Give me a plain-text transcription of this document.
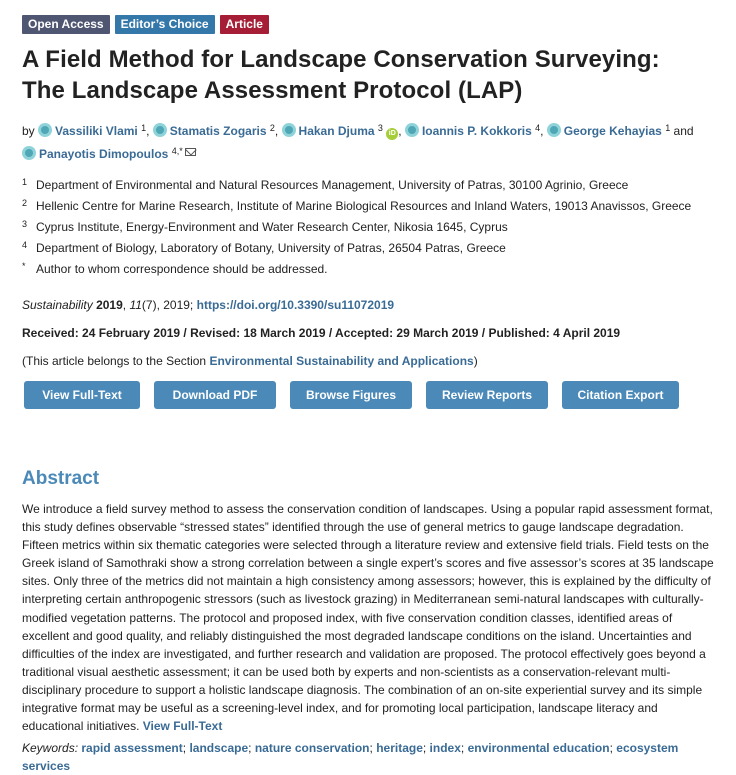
Open Access	Editor’s Choice	Article
A Field Method for Landscape Conservation Surveying:
The Landscape Assessment Protocol (LAP)
by Vassiliki Vlami $^1$, Stamatis Zogaris $^2$, Hakan Djuma $^3$ iD , Ioannis P. Kokkoris $^4$, George Kehayias $^1$ and
Panayotis Dimopoulos $^{4,*}$
1 Department of Environmental and Natural Resources Management, University of Patras, 30100 Agrinio, Greece
2 Hellenic Centre for Marine Research, Institute of Marine Biological Resources and Inland Waters, 19013 Anavissos, Greece
3 Cyprus Institute, Energy-Environment and Water Research Center, Nikosia 1645, Cyprus
4 Department of Biology, Laboratory of Botany, University of Patras, 26504 Patras, Greece
* Author to whom correspondence should be addressed.
Sustainability 2019, 11(7), 2019; https://doi.org/10.3390/su11072019
Received: 24 February 2019 / Revised: 18 March 2019 / Accepted: 29 March 2019 / Published: 4 April 2019
(This article belongs to the Section Environmental Sustainability and Applications)
View Full-Text	Download PDF	Browse Figures	Review Reports	Citation Export
Abstract
We introduce a field survey method to assess the conservation condition of landscapes. Using a popular rapid assessment format, this study defines observable “stressed states” identified through the use of general metrics to gauge landscape degradation. Fifteen metrics within six thematic categories were selected through a literature review and extensive field trials. Field tests on the Greek island of Samothraki show a strong correlation between a single expert’s scores and five assessor’s scores at 35 landscape sites. Only three of the metrics did not maintain a high consistency among assessors; however, this is explained by the difficulty of interpreting certain anthropogenic stressors (such as livestock grazing) in Mediterranean semi-natural landscapes with culturally-modified vegetation patterns. The protocol and proposed index, with five conservation condition classes, identified areas of excellent and good quality, and reliably distinguished the most degraded landscape conditions on the island. Uncertainties and difficulties of the index are investigated, and further research and validation are proposed. The protocol effectively goes beyond a traditional visual aesthetic assessment; it can be used both by experts and non-scientists as a conservation-relevant multi-disciplinary procedure to support a holistic landscape diagnosis. The combination of an on-site experiential survey and its simple integrative format may be useful as a screening-level index, and for promoting local participation, landscape literacy and educational initiatives. View Full-Text
Keywords: rapid assessment; landscape; nature conservation; heritage; index; environmental education; ecosystem services
